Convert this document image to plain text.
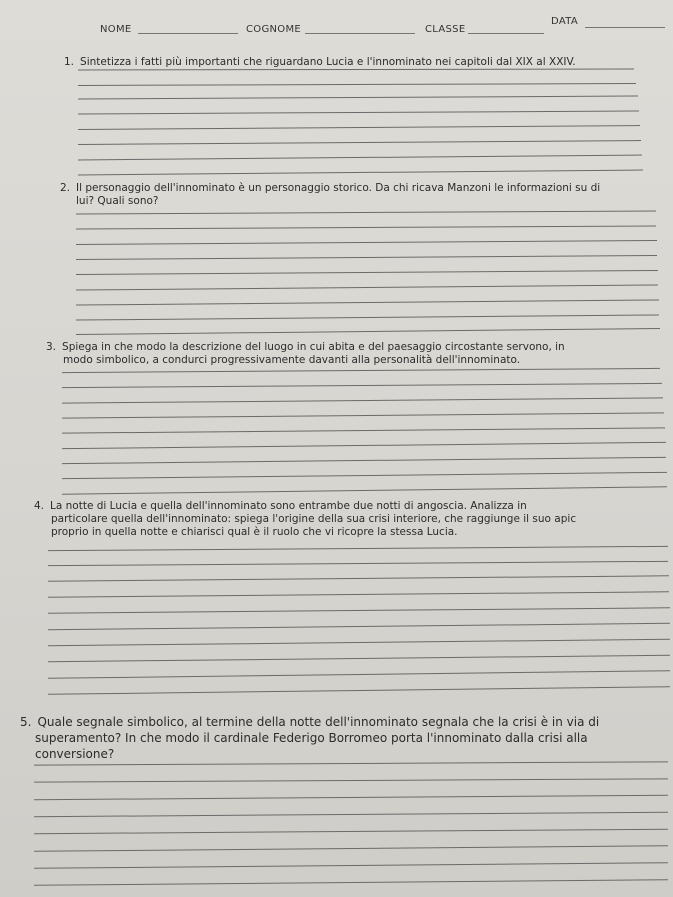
NOME	COGNOME	CLASSE
DATA
1. Sintetizza i fatti più importanti che riguardano Lucia e l'innominato nei capitoli dal XIX al XXIV.
2. Il personaggio dell'innominato è un personaggio storico. Da chi ricava Manzoni le informazioni su di
lui? Quali sono?
3. Spiega in che modo la descrizione del luogo in cui abita e del paesaggio circostante servono, in
modo simbolico, a condurci progressivamente davanti alla personalità dell'innominato.
4. La notte di Lucia e quella dell'innominato sono entrambe due notti di angoscia. Analizza in
particolare quella dell'innominato: spiega l'origine della sua crisi interiore, che raggiunge il suo apic
proprio in quella notte e chiarisci qual è il ruolo che vi ricopre la stessa Lucia.
5. Quale segnale simbolico, al termine della notte dell'innominato segnala che la crisi è in via di
superamento? In che modo il cardinale Federigo Borromeo porta l'innominato dalla crisi alla
conversione?
